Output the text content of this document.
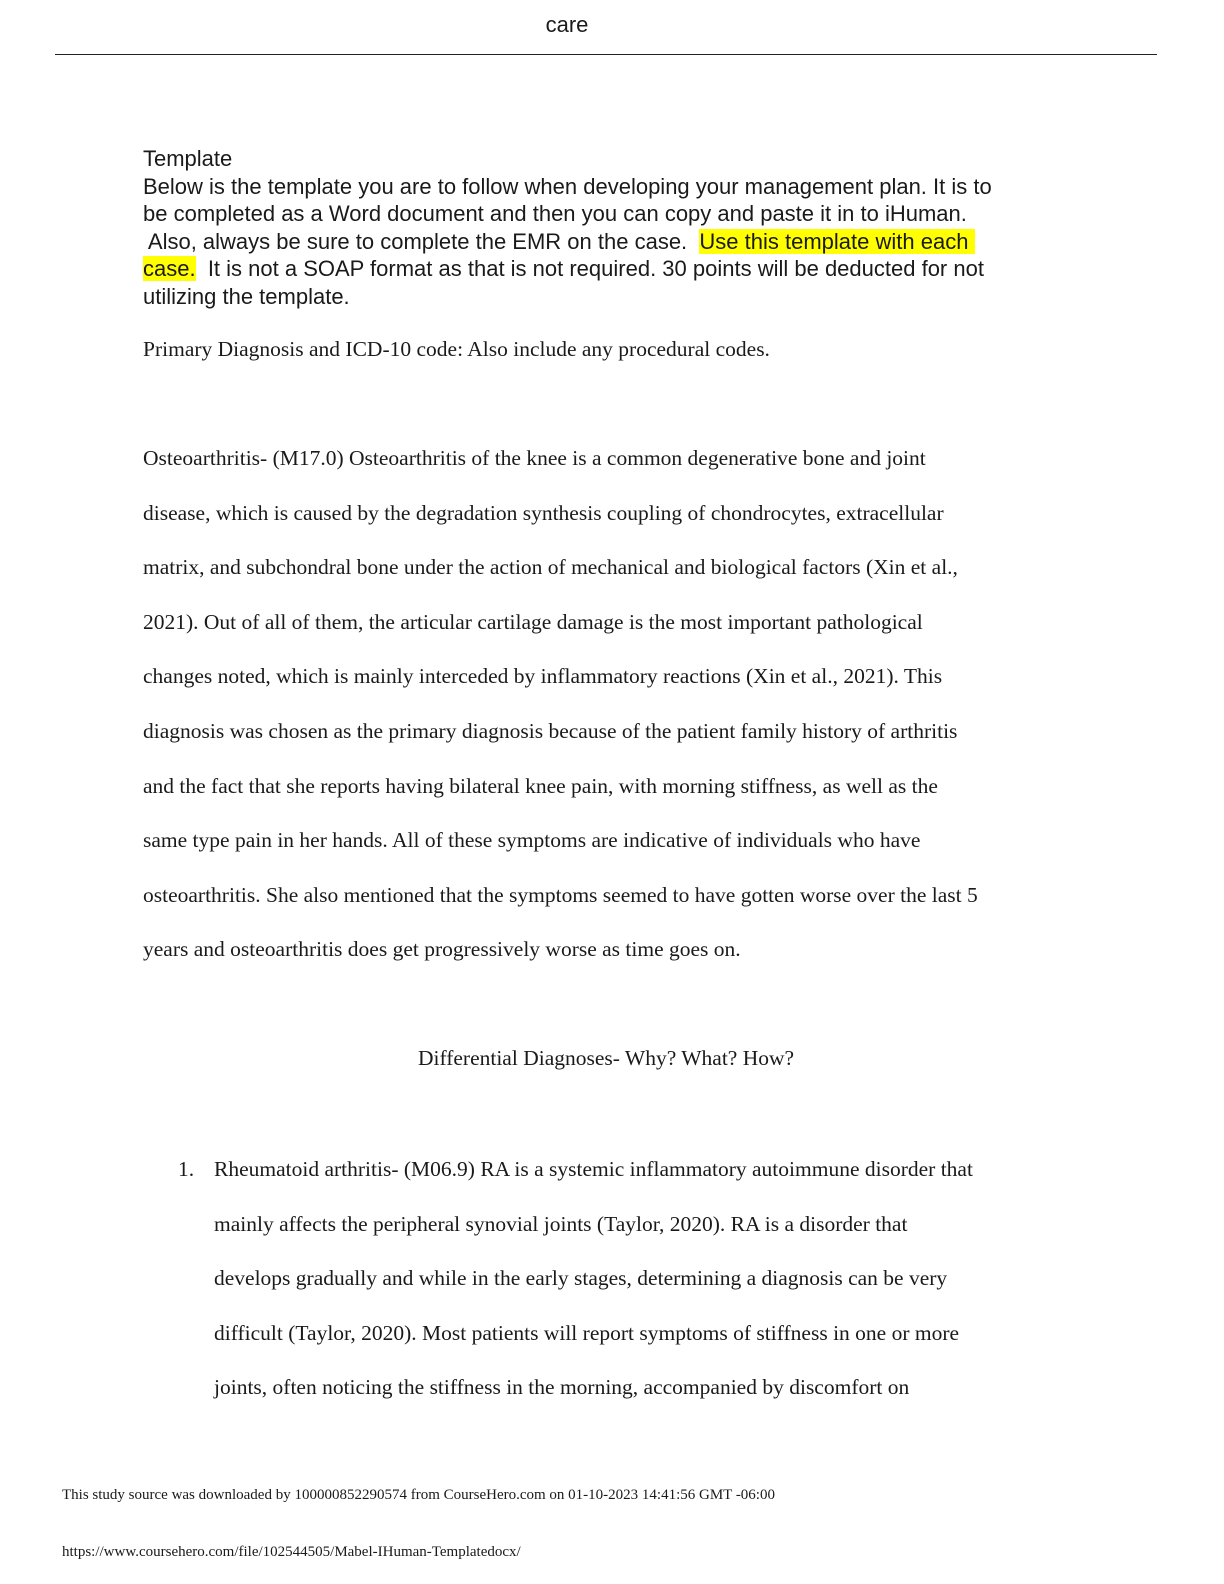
care
Template
Below is the template you are to follow when developing your management plan. It is to
be completed as a Word document and then you can copy and paste it in to iHuman.
Also, always be sure to complete the EMR on the case.  Use this template with each
case.  It is not a SOAP format as that is not required. 30 points will be deducted for not
utilizing the template.
Primary Diagnosis and ICD-10 code: Also include any procedural codes.
Osteoarthritis- (M17.0) Osteoarthritis of the knee is a common degenerative bone and joint
disease, which is caused by the degradation synthesis coupling of chondrocytes, extracellular
matrix, and subchondral bone under the action of mechanical and biological factors (Xin et al.,
2021). Out of all of them, the articular cartilage damage is the most important pathological
changes noted, which is mainly interceded by inflammatory reactions (Xin et al., 2021). This
diagnosis was chosen as the primary diagnosis because of the patient family history of arthritis
and the fact that she reports having bilateral knee pain, with morning stiffness, as well as the
same type pain in her hands. All of these symptoms are indicative of individuals who have
osteoarthritis. She also mentioned that the symptoms seemed to have gotten worse over the last 5
years and osteoarthritis does get progressively worse as time goes on.
Differential Diagnoses- Why? What? How?
1. Rheumatoid arthritis- (M06.9) RA is a systemic inflammatory autoimmune disorder that
mainly affects the peripheral synovial joints (Taylor, 2020). RA is a disorder that
develops gradually and while in the early stages, determining a diagnosis can be very
difficult (Taylor, 2020). Most patients will report symptoms of stiffness in one or more
joints, often noticing the stiffness in the morning, accompanied by discomfort on
This study source was downloaded by 100000852290574 from CourseHero.com on 01-10-2023 14:41:56 GMT -06:00
https://www.coursehero.com/file/102544505/Mabel-IHuman-Templatedocx/
